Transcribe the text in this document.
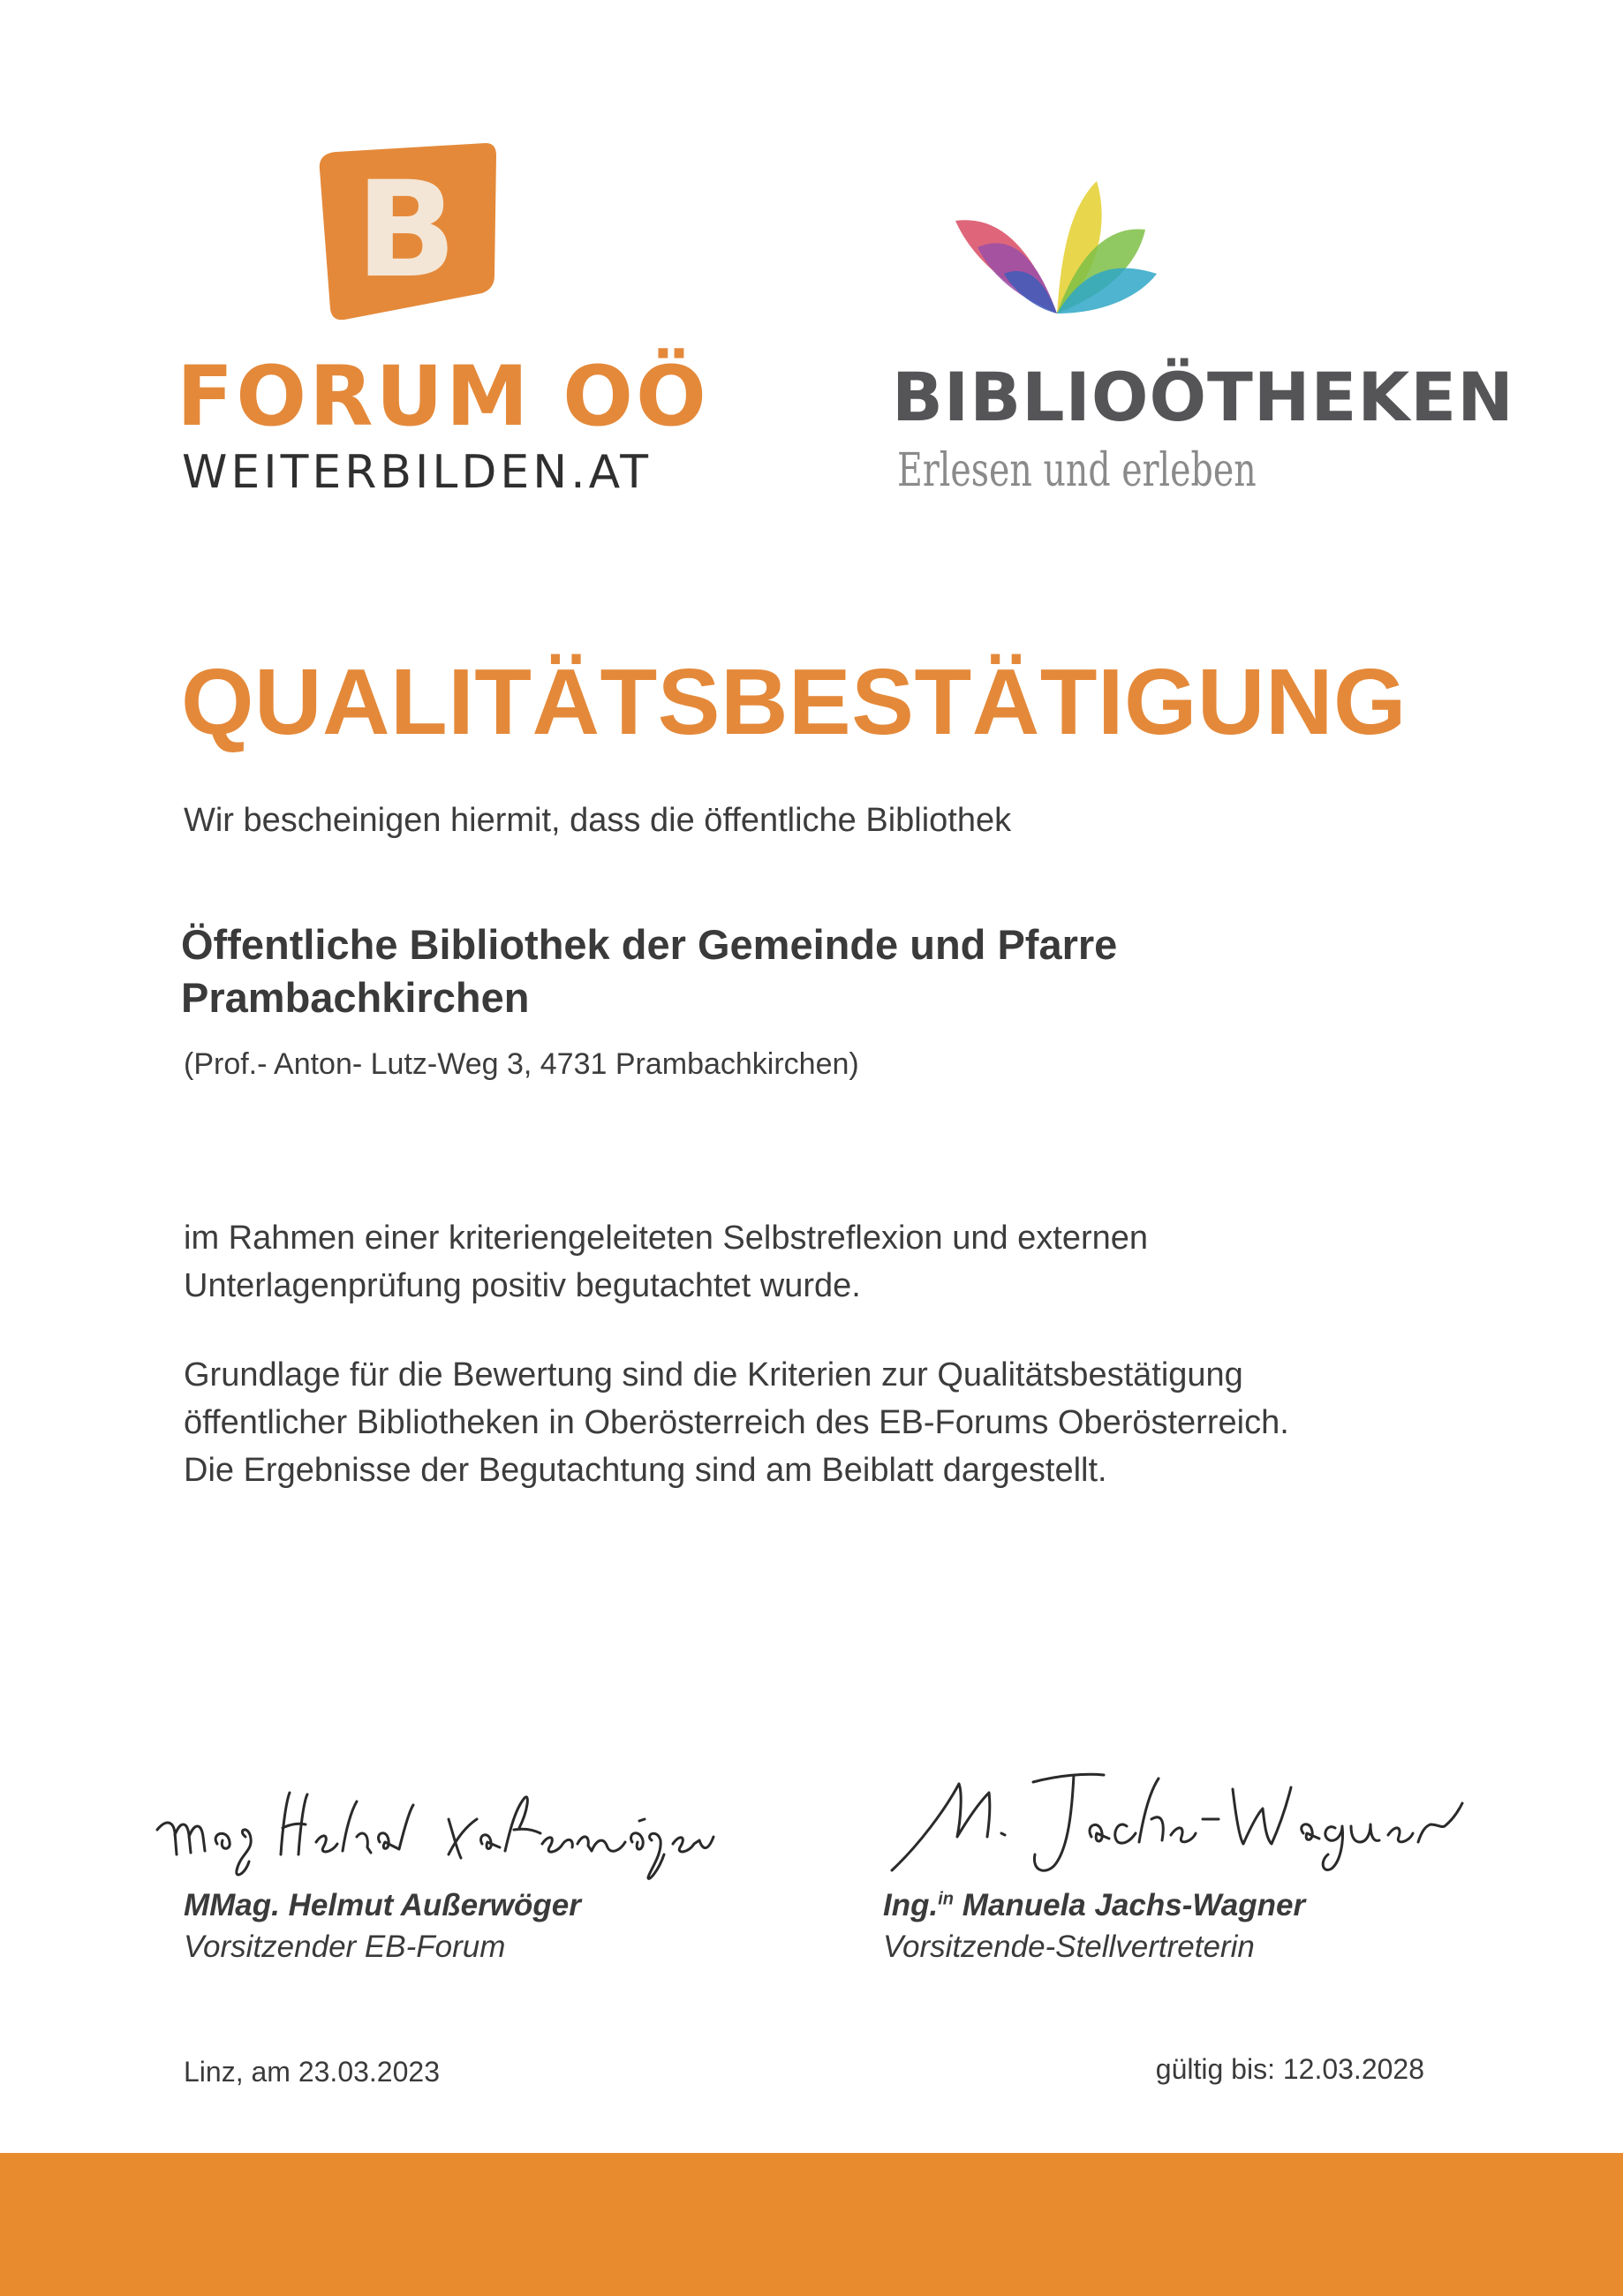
B

FORUM OÖ

WEITERBILDEN.AT

BIBLIOÖTHEKEN

Erlesen und erleben

QUALITÄTSBESTÄTIGUNG

Wir bescheinigen hiermit, dass die öffentliche Bibliothek

Öffentliche Bibliothek der Gemeinde und Pfarre
Prambachkirchen

(Prof.- Anton- Lutz-Weg 3, 4731 Prambachkirchen)

im Rahmen einer kriteriengeleiteten Selbstreflexion und externen
Unterlagenprüfung positiv begutachtet wurde.
Grundlage für die Bewertung sind die Kriterien zur Qualitätsbestätigung
öffentlicher Bibliotheken in Oberösterreich des EB-Forums Oberösterreich.
Die Ergebnisse der Begutachtung sind am Beiblatt dargestellt.

MMag. Helmut Außerwöger

Vorsitzender EB-Forum

Ing.$^{in}$ Manuela Jachs-Wagner

Vorsitzende-Stellvertreterin

Linz, am 23.03.2023	gültig bis: 12.03.2028
